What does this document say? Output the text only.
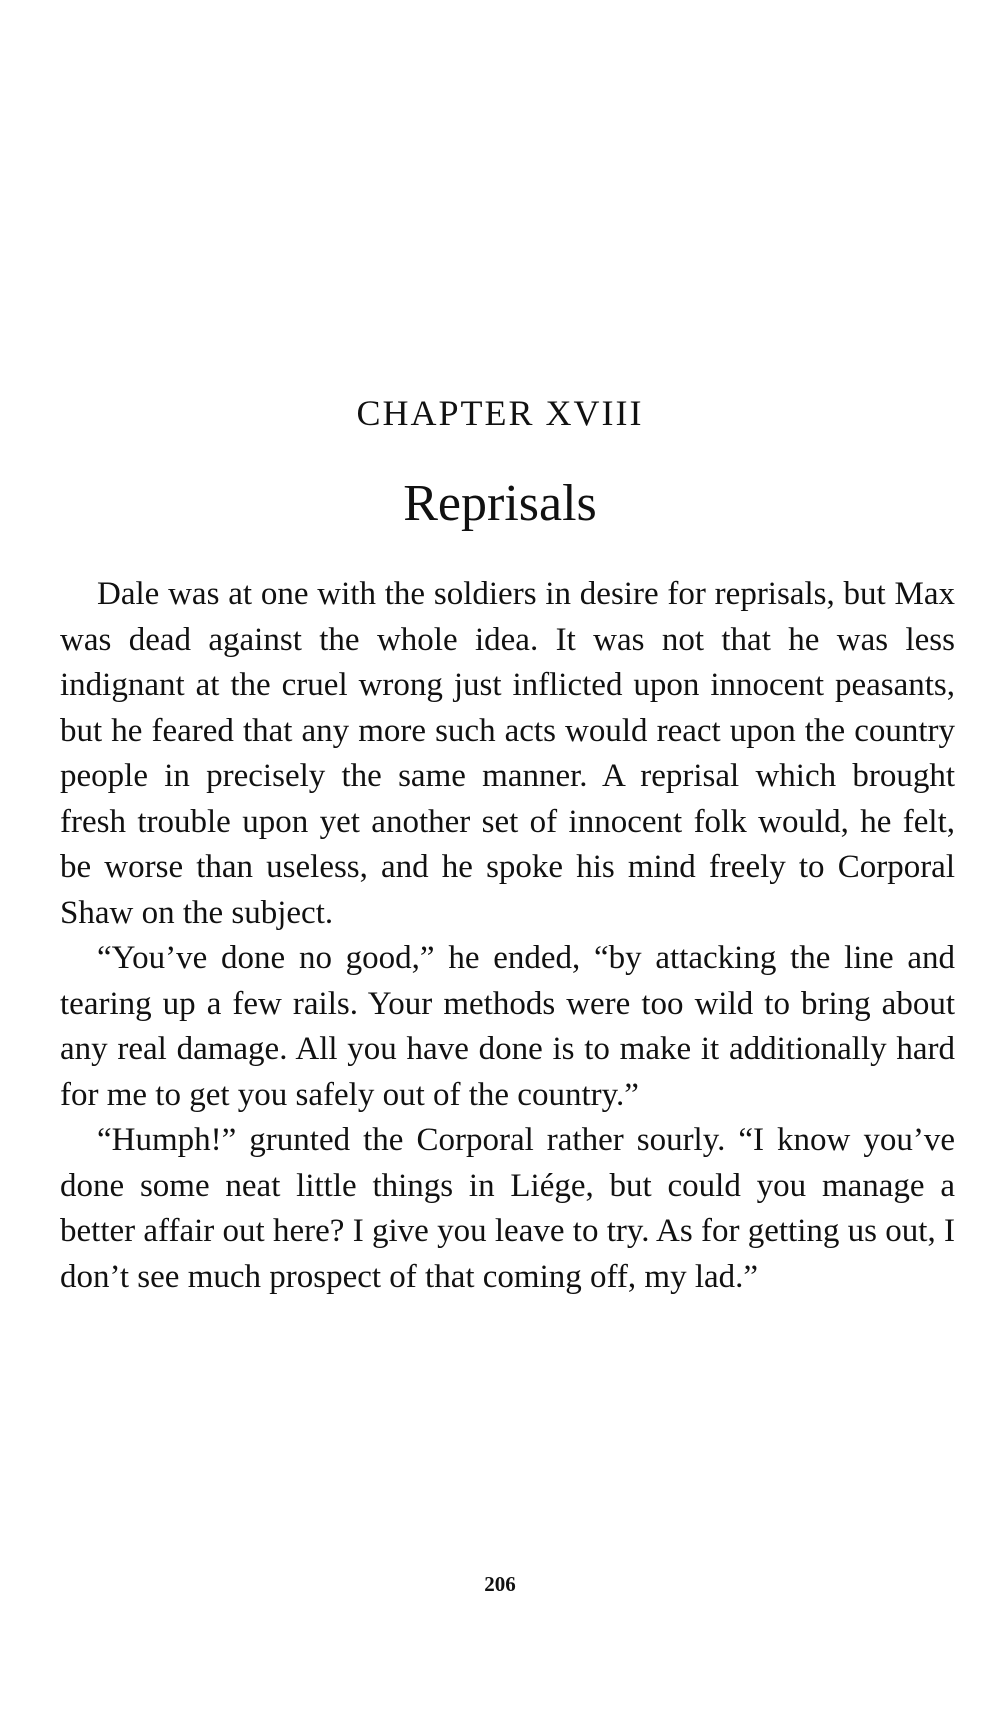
CHAPTER XVIII
Reprisals

Dale was at one with the soldiers in desire for reprisals, but Max was dead against the whole idea. It was not that he was less indignant at the cruel wrong just inflicted upon innocent peasants, but he feared that any more such acts would react upon the country people in precisely the same manner. A reprisal which brought fresh trouble upon yet another set of innocent folk would, he felt, be worse than useless, and he spoke his mind freely to Corporal Shaw on the subject.

“You’ve done no good,” he ended, “by attacking the line and tearing up a few rails. Your methods were too wild to bring about any real damage. All you have done is to make it additionally hard for me to get you safely out of the country.”

“Humph!” grunted the Corporal rather sourly. “I know you’ve done some neat little things in Liége, but could you manage a better affair out here? I give you leave to try. As for getting us out, I don’t see much prospect of that coming off, my lad.”

206
